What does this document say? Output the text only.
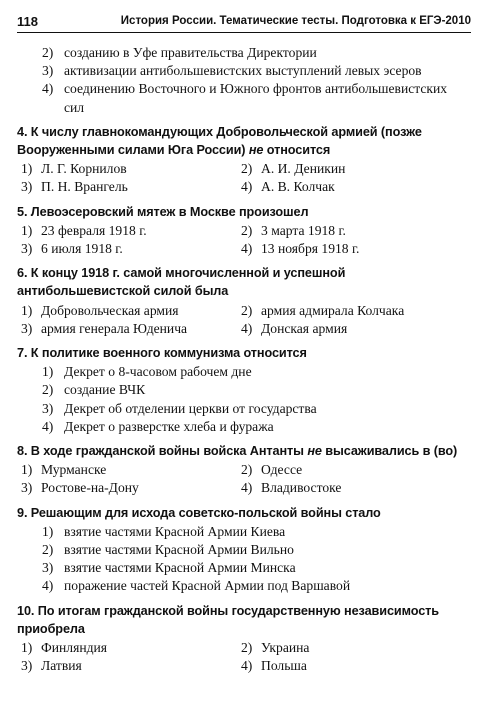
118	История России. Тематические тесты. Подготовка к ЕГЭ-2010
2) созданию в Уфе правительства Директории
3) активизации антибольшевистских выступлений левых эсеров
4) соединению Восточного и Южного фронтов антибольшевистских сил
4. К числу главнокомандующих Добровольческой армией (позже Вооруженными силами Юга России) не относится
1) Л. Г. Корнилов	2) А. И. Деникин
3) П. Н. Врангель	4) А. В. Колчак
5. Левоэсеровский мятеж в Москве произошел
1) 23 февраля 1918 г.	2) 3 марта 1918 г.
3) 6 июля 1918 г.	4) 13 ноября 1918 г.
6. К концу 1918 г. самой многочисленной и успешной антибольшевистской силой была
1) Добровольческая армия	2) армия адмирала Колчака
3) армия генерала Юденича	4) Донская армия
7. К политике военного коммунизма относится
1) Декрет о 8-часовом рабочем дне
2) создание ВЧК
3) Декрет об отделении церкви от государства
4) Декрет о разверстке хлеба и фуража
8. В ходе гражданской войны войска Антанты не высаживались в (во)
1) Мурманске	2) Одессе
3) Ростове-на-Дону	4) Владивостоке
9. Решающим для исхода советско-польской войны стало
1) взятие частями Красной Армии Киева
2) взятие частями Красной Армии Вильно
3) взятие частями Красной Армии Минска
4) поражение частей Красной Армии под Варшавой
10. По итогам гражданской войны государственную независимость приобрела
1) Финляндия	2) Украина
3) Латвия	4) Польша
